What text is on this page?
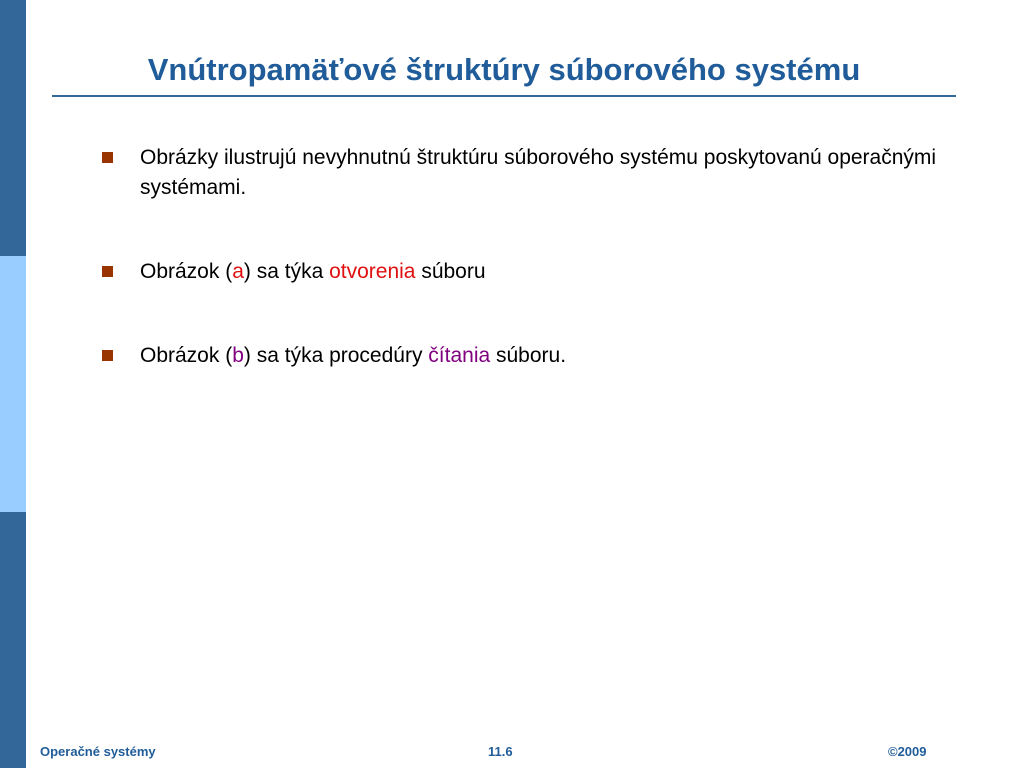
Vnútropamäťové štruktúry súborového systému
Obrázky ilustrujú nevyhnutnú štruktúru súborového systému poskytovanú operačnými systémami.
Obrázok (a) sa týka otvorenia súboru
Obrázok (b) sa týka procedúry čítania súboru.
Operačné systémy	11.6	©2009
